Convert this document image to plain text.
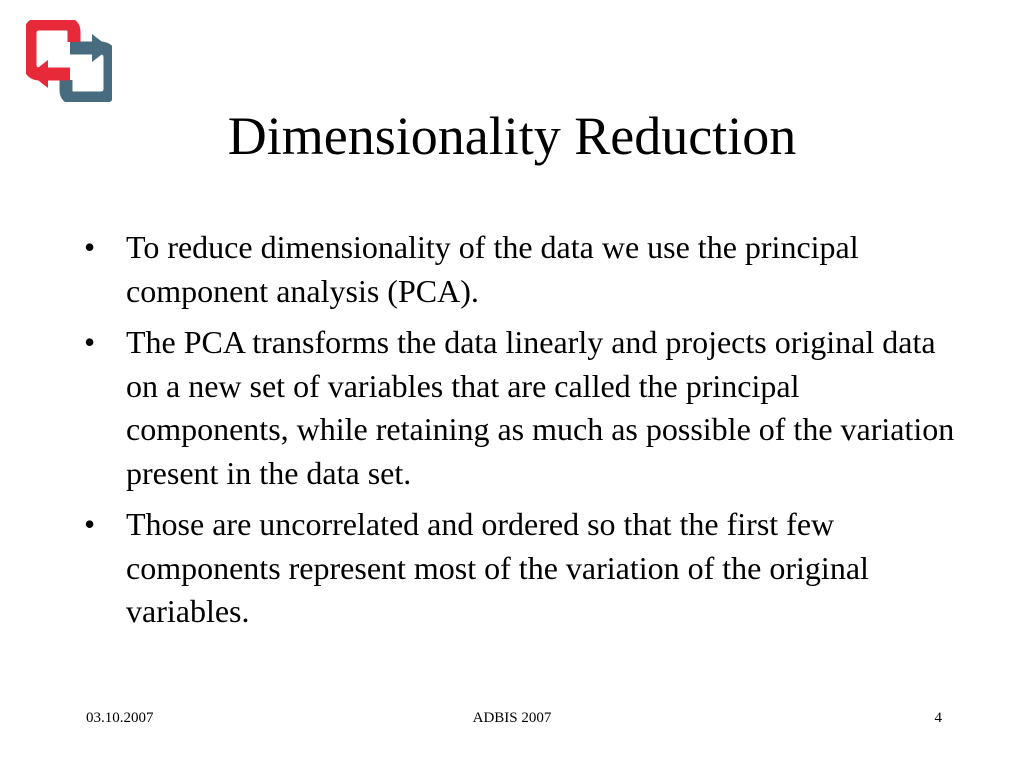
Dimensionality Reduction
• To reduce dimensionality of the data we use the principal component analysis (PCA).
• The PCA transforms the data linearly and projects original data on a new set of variables that are called the principal components, while retaining as much as possible of the variation present in the data set.
• Those are uncorrelated and ordered so that the first few components represent most of the variation of the original variables.
03.10.2007	ADBIS 2007	4
